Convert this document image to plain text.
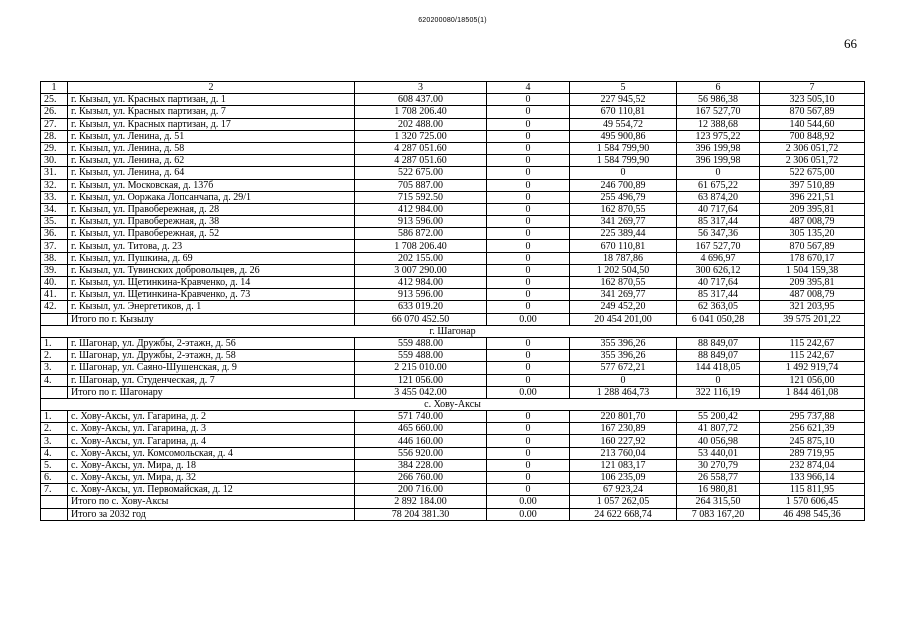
620200080/18505(1)
66
1	2	3	4	5	6	7
25.	г. Кызыл, ул. Красных партизан, д. 1	608 437.00	0	227 945,52	56 986,38	323 505,10
26.	г. Кызыл, ул. Красных партизан, д. 7	1 708 206.40	0	670 110,81	167 527,70	870 567,89
27.	г. Кызыл, ул. Красных партизан, д. 17	202 488.00	0	49 554,72	12 388,68	140 544,60
28.	г. Кызыл, ул. Ленина, д. 51	1 320 725.00	0	495 900,86	123 975,22	700 848,92
29.	г. Кызыл, ул. Ленина, д. 58	4 287 051.60	0	1 584 799,90	396 199,98	2 306 051,72
30.	г. Кызыл, ул. Ленина, д. 62	4 287 051.60	0	1 584 799,90	396 199,98	2 306 051,72
31.	г. Кызыл, ул. Ленина, д. 64	522 675.00	0	0	0	522 675,00
32.	г. Кызыл, ул. Московская, д. 137б	705 887.00	0	246 700,89	61 675,22	397 510,89
33.	г. Кызыл, ул. Ооржака Лопсанчапа, д. 29/1	715 592.50	0	255 496,79	63 874,20	396 221,51
34.	г. Кызыл, ул. Правобережная, д. 28	412 984.00	0	162 870,55	40 717,64	209 395,81
35.	г. Кызыл, ул. Правобережная, д. 38	913 596.00	0	341 269,77	85 317,44	487 008,79
36.	г. Кызыл, ул. Правобережная, д. 52	586 872.00	0	225 389,44	56 347,36	305 135,20
37.	г. Кызыл, ул. Титова, д. 23	1 708 206.40	0	670 110,81	167 527,70	870 567,89
38.	г. Кызыл, ул. Пушкина, д. 69	202 155.00	0	18 787,86	4 696,97	178 670,17
39.	г. Кызыл, ул. Тувинских добровольцев, д. 26	3 007 290.00	0	1 202 504,50	300 626,12	1 504 159,38
40.	г. Кызыл, ул. Щетинкина-Кравченко, д. 14	412 984.00	0	162 870,55	40 717,64	209 395,81
41.	г. Кызыл, ул. Щетинкина-Кравченко, д. 73	913 596.00	0	341 269,77	85 317,44	487 008,79
42.	г. Кызыл, ул. Энергетиков, д. 1	633 019.20	0	249 452,20	62 363,05	321 203,95
	Итого по г. Кызылу	66 070 452.50	0.00	20 454 201,00	6 041 050,28	39 575 201,22
г. Шагонар						
1.	г. Шагонар, ул. Дружбы, 2-этажн, д. 56	559 488.00	0	355 396,26	88 849,07	115 242,67
2.	г. Шагонар, ул. Дружбы, 2-этажн, д. 58	559 488.00	0	355 396,26	88 849,07	115 242,67
3.	г. Шагонар, ул. Саяно-Шушенская, д. 9	2 215 010.00	0	577 672,21	144 418,05	1 492 919,74
4.	г. Шагонар, ул. Студенческая, д. 7	121 056.00	0	0	0	121 056,00
	Итого по г. Шагонару	3 455 042.00	0.00	1 288 464,73	322 116,19	1 844 461,08
с. Хову-Аксы						
1.	с. Хову-Аксы, ул. Гагарина, д. 2	571 740.00	0	220 801,70	55 200,42	295 737,88
2.	с. Хову-Аксы, ул. Гагарина, д. 3	465 660.00	0	167 230,89	41 807,72	256 621,39
3.	с. Хову-Аксы, ул. Гагарина, д. 4	446 160.00	0	160 227,92	40 056,98	245 875,10
4.	с. Хову-Аксы, ул. Комсомольская, д. 4	556 920.00	0	213 760,04	53 440,01	289 719,95
5.	с. Хову-Аксы, ул. Мира, д. 18	384 228.00	0	121 083,17	30 270,79	232 874,04
6.	с. Хову-Аксы, ул. Мира, д. 32	266 760.00	0	106 235,09	26 558,77	133 966,14
7.	с. Хову-Аксы, ул. Первомайская, д. 12	200 716.00	0	67 923,24	16 980,81	115 811,95
	Итого по с. Хову-Аксы	2 892 184.00	0.00	1 057 262,05	264 315,50	1 570 606,45
	Итого за 2032 год	78 204 381.30	0.00	24 622 668,74	7 083 167,20	46 498 545,36
